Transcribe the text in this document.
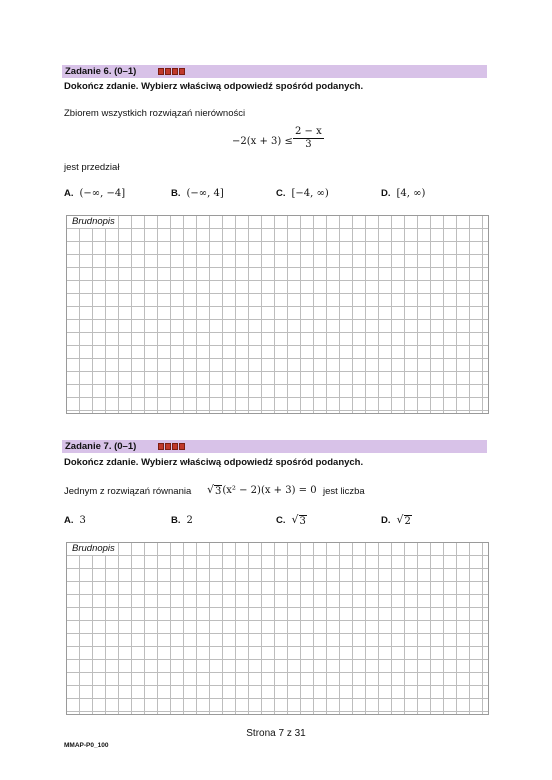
Zadanie 6. (0–1)
Dokończ zdanie. Wybierz właściwą odpowiedź spośród podanych.
Zbiorem wszystkich rozwiązań nierówności
−2(x + 3) ≤
2 − x
3
jest przedział
A. (−∞, −4]	B. (−∞, 4]	C. [−4, ∞)	D. [4, ∞)
Brudnopis
Zadanie 7. (0–1)
Dokończ zdanie. Wybierz właściwą odpowiedź spośród podanych.
Jednym z rozwiązań równania √ 3 (x² − 2)(x + 3) = 0 jest liczba
A. 3	B. 2	C. √ 3	D. √ 2
Brudnopis
Strona 7 z 31
MMAP-P0_100
